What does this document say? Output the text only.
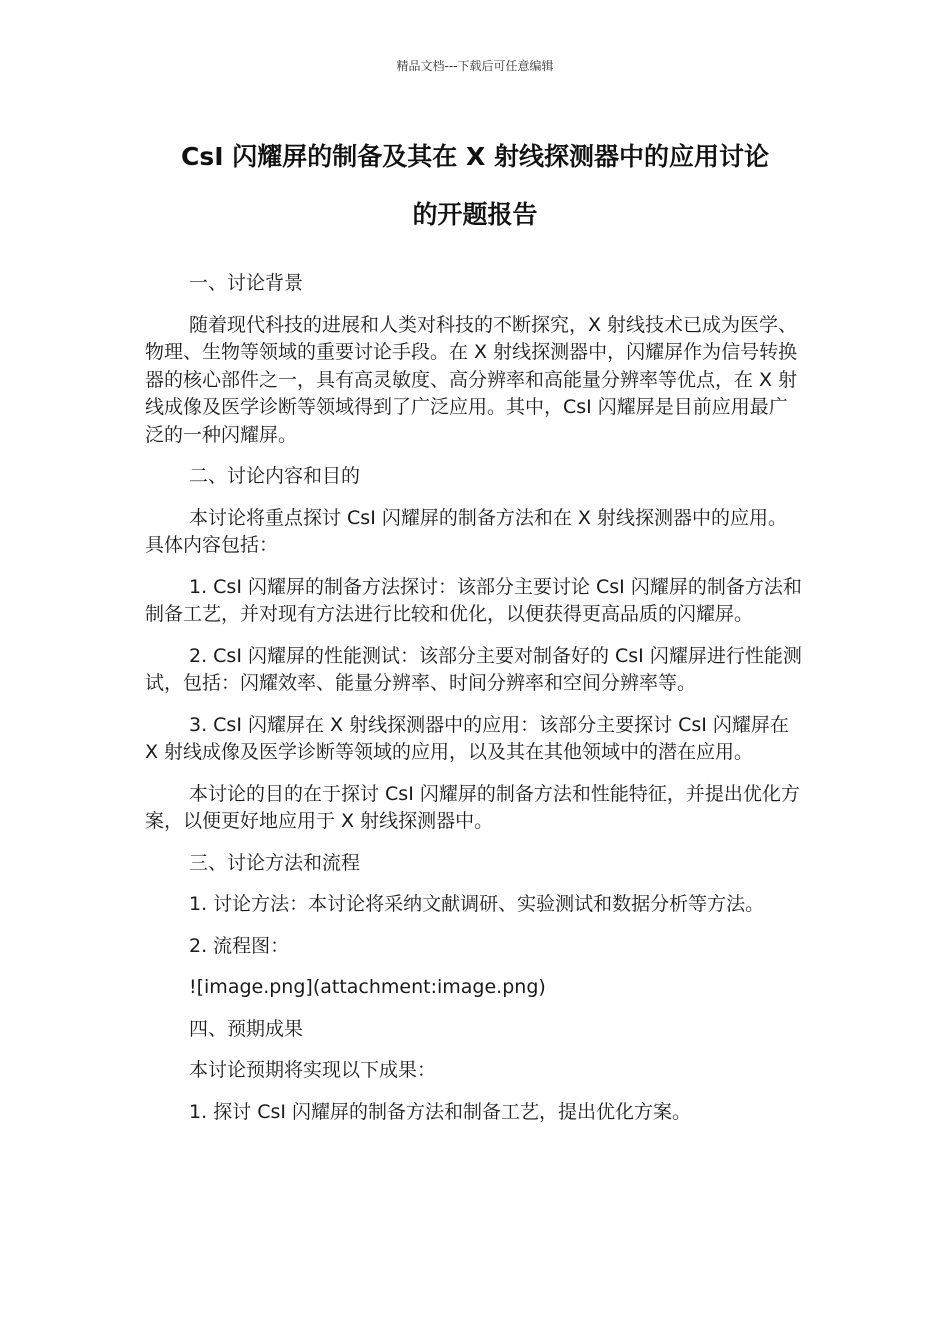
精品文档---下载后可任意编辑
CsI 闪耀屏的制备及其在 X 射线探测器中的应用讨论
的开题报告

一、讨论背景

随着现代科技的进展和人类对科技的不断探究，X 射线技术已成为医学、物理、生物等领域的重要讨论手段。在 X 射线探测器中，闪耀屏作为信号转换器的核心部件之一，具有高灵敏度、高分辨率和高能量分辨率等优点，在 X 射线成像及医学诊断等领域得到了广泛应用。其中，CsI 闪耀屏是目前应用最广泛的一种闪耀屏。

二、讨论内容和目的

本讨论将重点探讨 CsI 闪耀屏的制备方法和在 X 射线探测器中的应用。具体内容包括：

1. CsI 闪耀屏的制备方法探讨：该部分主要讨论 CsI 闪耀屏的制备方法和制备工艺，并对现有方法进行比较和优化，以便获得更高品质的闪耀屏。

2. CsI 闪耀屏的性能测试：该部分主要对制备好的 CsI 闪耀屏进行性能测试，包括：闪耀效率、能量分辨率、时间分辨率和空间分辨率等。

3. CsI 闪耀屏在 X 射线探测器中的应用：该部分主要探讨 CsI 闪耀屏在 X 射线成像及医学诊断等领域的应用，以及其在其他领域中的潜在应用。

本讨论的目的在于探讨 CsI 闪耀屏的制备方法和性能特征，并提出优化方案，以便更好地应用于 X 射线探测器中。

三、讨论方法和流程

1. 讨论方法：本讨论将采纳文献调研、实验测试和数据分析等方法。

2. 流程图：

![image.png](attachment:image.png)

四、预期成果

本讨论预期将实现以下成果：

1. 探讨 CsI 闪耀屏的制备方法和制备工艺，提出优化方案。
